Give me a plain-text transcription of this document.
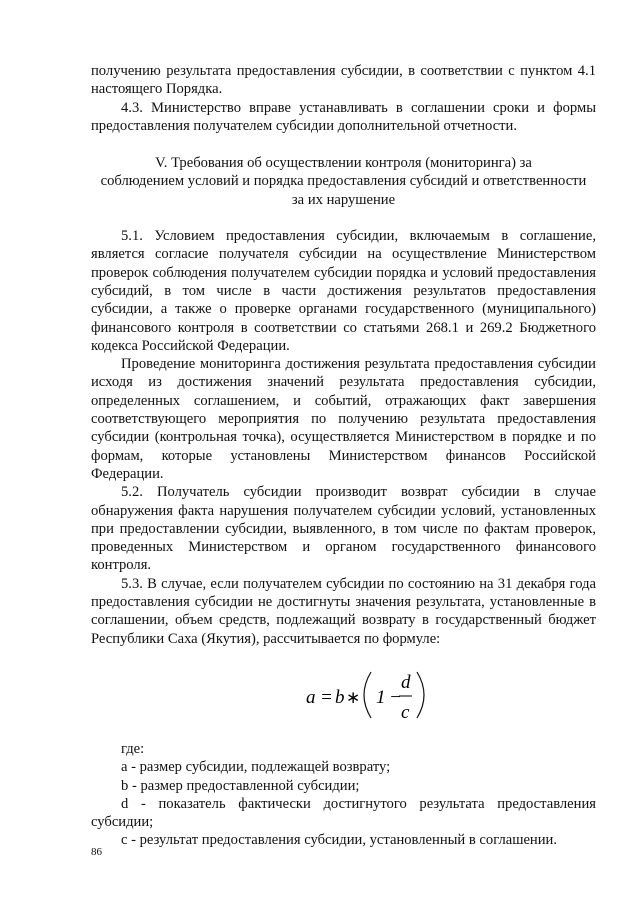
получению результата предоставления субсидии, в соответствии с пунктом 4.1 настоящего Порядка.

4.3. Министерство вправе устанавливать в соглашении сроки и формы предоставления получателем субсидии дополнительной отчетности.

V. Требования об осуществлении контроля (мониторинга) за

соблюдением условий и порядка предоставления субсидий и ответственности

за их нарушение

5.1. Условием предоставления субсидии, включаемым в соглашение, является согласие получателя субсидии на осуществление Министерством проверок соблюдения получателем субсидии порядка и условий предоставления субсидий, в том числе в части достижения результатов предоставления субсидии, а также о проверке органами государственного (муниципального) финансового контроля в соответствии со статьями 268.1 и 269.2 Бюджетного кодекса Российской Федерации.

Проведение мониторинга достижения результата предоставления субсидии исходя из достижения значений результата предоставления субсидии, определенных соглашением, и событий, отражающих факт завершения соответствующего мероприятия по получению результата предоставления субсидии (контрольная точка), осуществляется Министерством в порядке и по формам, которые установлены Министерством финансов Российской Федерации.

5.2. Получатель субсидии производит возврат субсидии в случае обнаружения факта нарушения получателем субсидии условий, установленных при предоставлении субсидии, выявленного, в том числе по фактам проверок, проведенных Министерством и органом государственного финансового контроля.

5.3. В случае, если получателем субсидии по состоянию на 31 декабря года предоставления субсидии не достигнуты значения результата, установленные в соглашении, объем средств, подлежащий возврату в государственный бюджет Республики Саха (Якутия), рассчитывается по формуле:

a = b ∗ 1 −
d
c

где:

a - размер субсидии, подлежащей возврату;

b - размер предоставленной субсидии;

d - показатель фактически достигнутого результата предоставления субсидии;

c - результат предоставления субсидии, установленный в соглашении.

86
